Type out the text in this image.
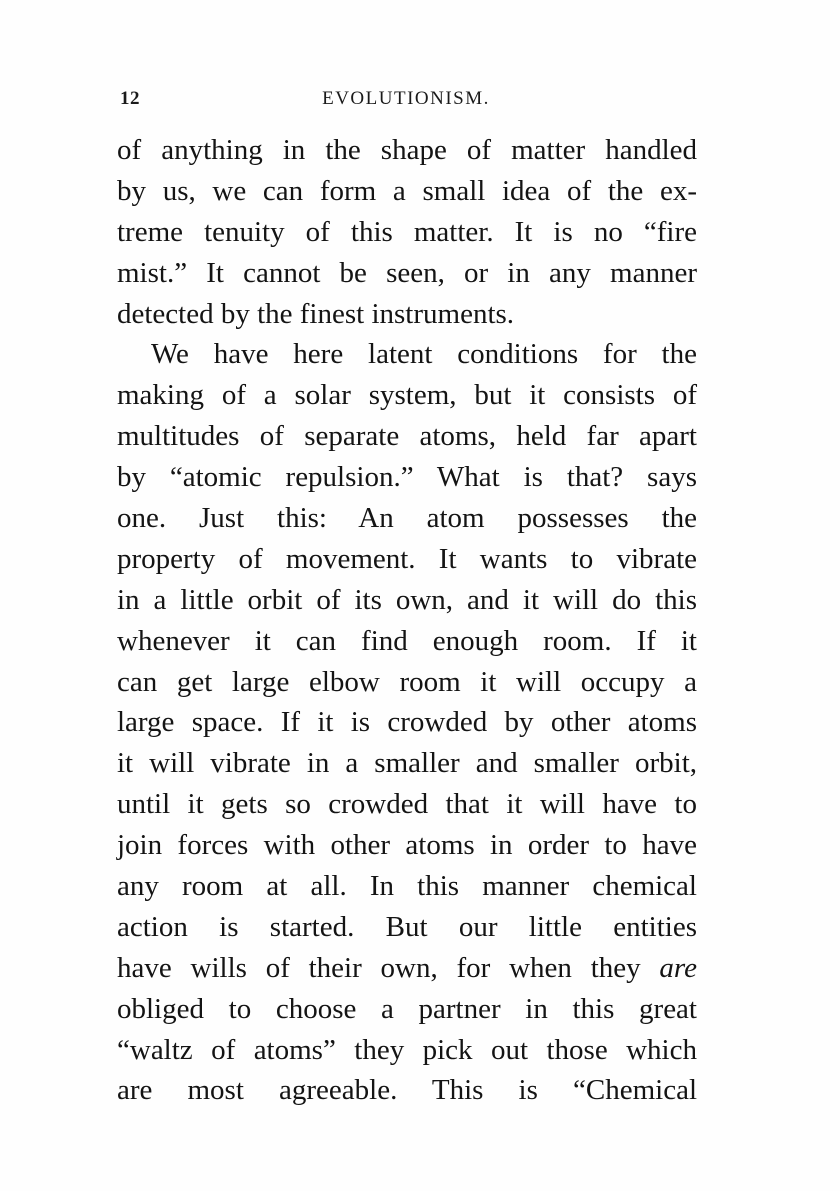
12	EVOLUTIONISM.
of anything in the shape of matter handled
by us, we can form a small idea of the ex-
treme tenuity of this matter. It is no “fire
mist.” It cannot be seen, or in any manner
detected by the finest instruments.
We have here latent conditions for the
making of a solar system, but it consists of
multitudes of separate atoms, held far apart
by “atomic repulsion.” What is that? says
one. Just this: An atom possesses the
property of movement. It wants to vibrate
in a little orbit of its own, and it will do this
whenever it can find enough room. If it
can get large elbow room it will occupy a
large space. If it is crowded by other atoms
it will vibrate in a smaller and smaller orbit,
until it gets so crowded that it will have to
join forces with other atoms in order to have
any room at all. In this manner chemical
action is started. But our little entities
have wills of their own, for when they are
obliged to choose a partner in this great
“waltz of atoms” they pick out those which
are most agreeable. This is “Chemical
